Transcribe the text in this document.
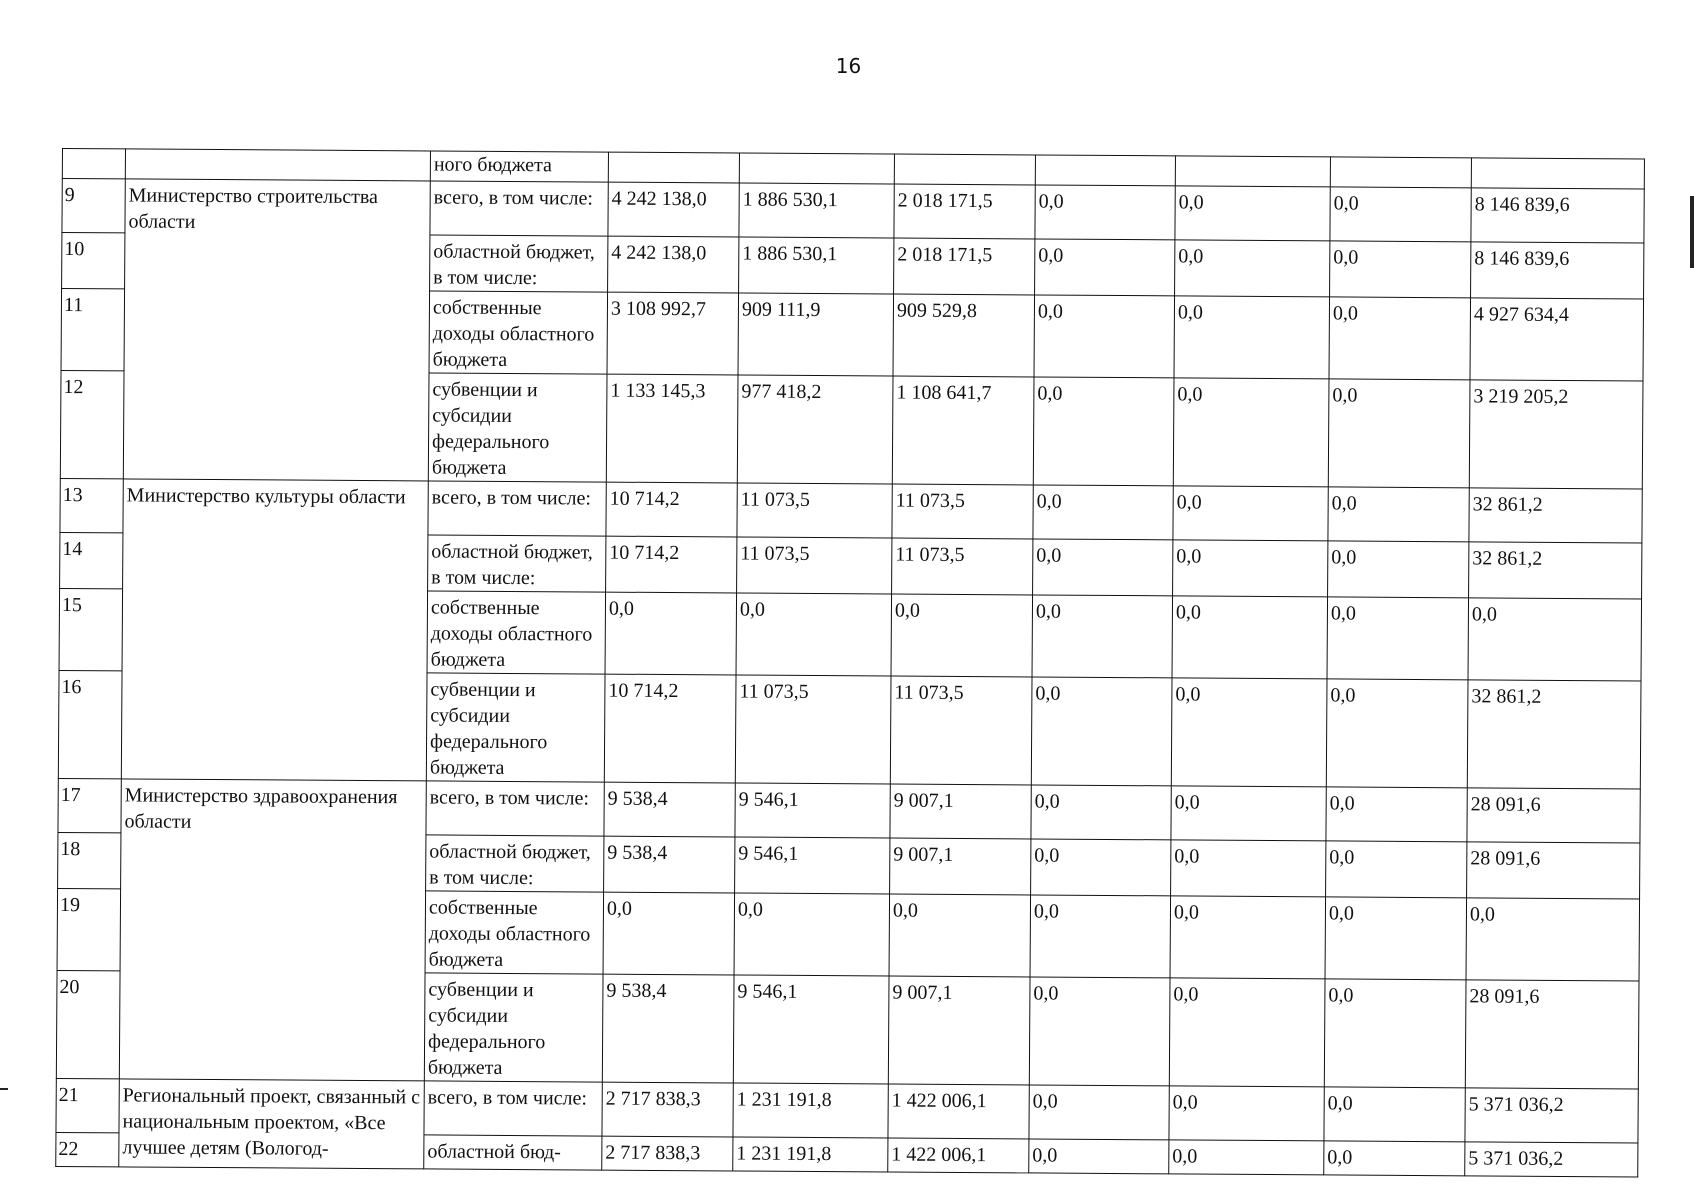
16
		ного бюджета							
9	Министерство строительства области	всего, в том числе:	4 242 138,0	1 886 530,1	2 018 171,5	0,0	0,0	0,0	8 146 839,6
10		областной бюджет, в том числе:	4 242 138,0	1 886 530,1	2 018 171,5	0,0	0,0	0,0	8 146 839,6
11		собственные доходы областного бюджета	3 108 992,7	909 111,9	909 529,8	0,0	0,0	0,0	4 927 634,4
12		субвенции и субсидии федерального бюджета	1 133 145,3	977 418,2	1 108 641,7	0,0	0,0	0,0	3 219 205,2
13	Министерство культуры области	всего, в том числе:	10 714,2	11 073,5	11 073,5	0,0	0,0	0,0	32 861,2
14		областной бюджет, в том числе:	10 714,2	11 073,5	11 073,5	0,0	0,0	0,0	32 861,2
15		собственные доходы областного бюджета	0,0	0,0	0,0	0,0	0,0	0,0	0,0
16		субвенции и субсидии федерального бюджета	10 714,2	11 073,5	11 073,5	0,0	0,0	0,0	32 861,2
17	Министерство здравоохранения области	всего, в том числе:	9 538,4	9 546,1	9 007,1	0,0	0,0	0,0	28 091,6
18		областной бюджет, в том числе:	9 538,4	9 546,1	9 007,1	0,0	0,0	0,0	28 091,6
19		собственные доходы областного бюджета	0,0	0,0	0,0	0,0	0,0	0,0	0,0
20		субвенции и субсидии федерального бюджета	9 538,4	9 546,1	9 007,1	0,0	0,0	0,0	28 091,6
21	Региональный проект, связанный с национальным проектом, «Все лучшее детям (Вологод-	всего, в том числе:	2 717 838,3	1 231 191,8	1 422 006,1	0,0	0,0	0,0	5 371 036,2
22		областной бюд-	2 717 838,3	1 231 191,8	1 422 006,1	0,0	0,0	0,0	5 371 036,2
